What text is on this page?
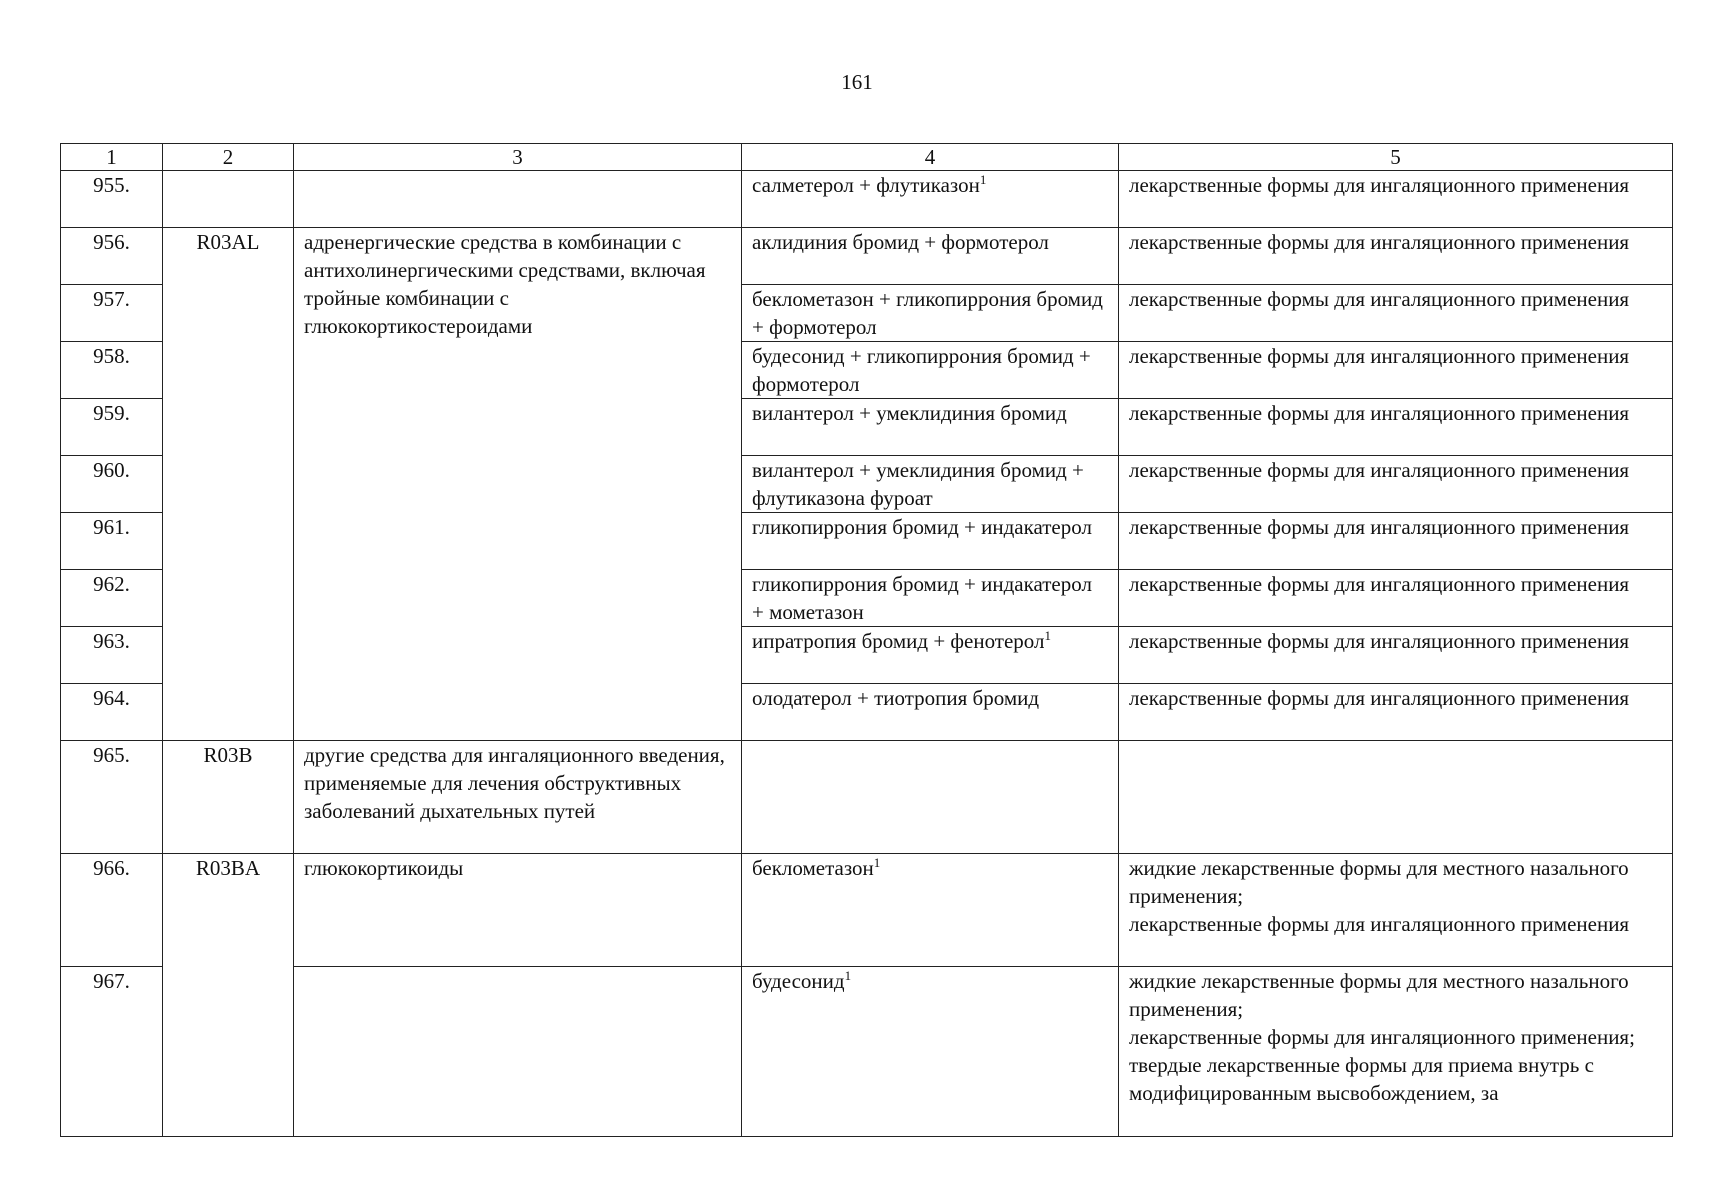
161
1	2	3	4	5
955.			салметерол + флутиказон$^1$	лекарственные формы для ингаляционного применения
956.	R03AL	адренергические средства в комбинации с антихолинергическими средствами, включая тройные комбинации с глюкокортикостероидами	аклидиния бромид + формотерол	лекарственные формы для ингаляционного применения
957.			беклометазон + гликопиррония бромид + формотерол	лекарственные формы для ингаляционного применения
958.			будесонид + гликопиррония бромид + формотерол	лекарственные формы для ингаляционного применения
959.			вилантерол + умеклидиния бромид	лекарственные формы для ингаляционного применения
960.			вилантерол + умеклидиния бромид + флутиказона фуроат	лекарственные формы для ингаляционного применения
961.			гликопиррония бромид + индакатерол	лекарственные формы для ингаляционного применения
962.			гликопиррония бромид + индакатерол + мометазон	лекарственные формы для ингаляционного применения
963.			ипратропия бромид + фенотерол$^1$	лекарственные формы для ингаляционного применения
964.			олодатерол + тиотропия бромид	лекарственные формы для ингаляционного применения
965.	R03B	другие средства для ингаляционного введения, применяемые для лечения обструктивных заболеваний дыхательных путей		
966.	R03BA	глюкокортикоиды	беклометазон$^1$	жидкие лекарственные формы для местного назального применения;
лекарственные формы для ингаляционного применения

967.			будесонид$^1$	жидкие лекарственные формы для местного назального применения;
лекарственные формы для ингаляционного применения;
твердые лекарственные формы для приема внутрь с модифицированным высвобождением, за
